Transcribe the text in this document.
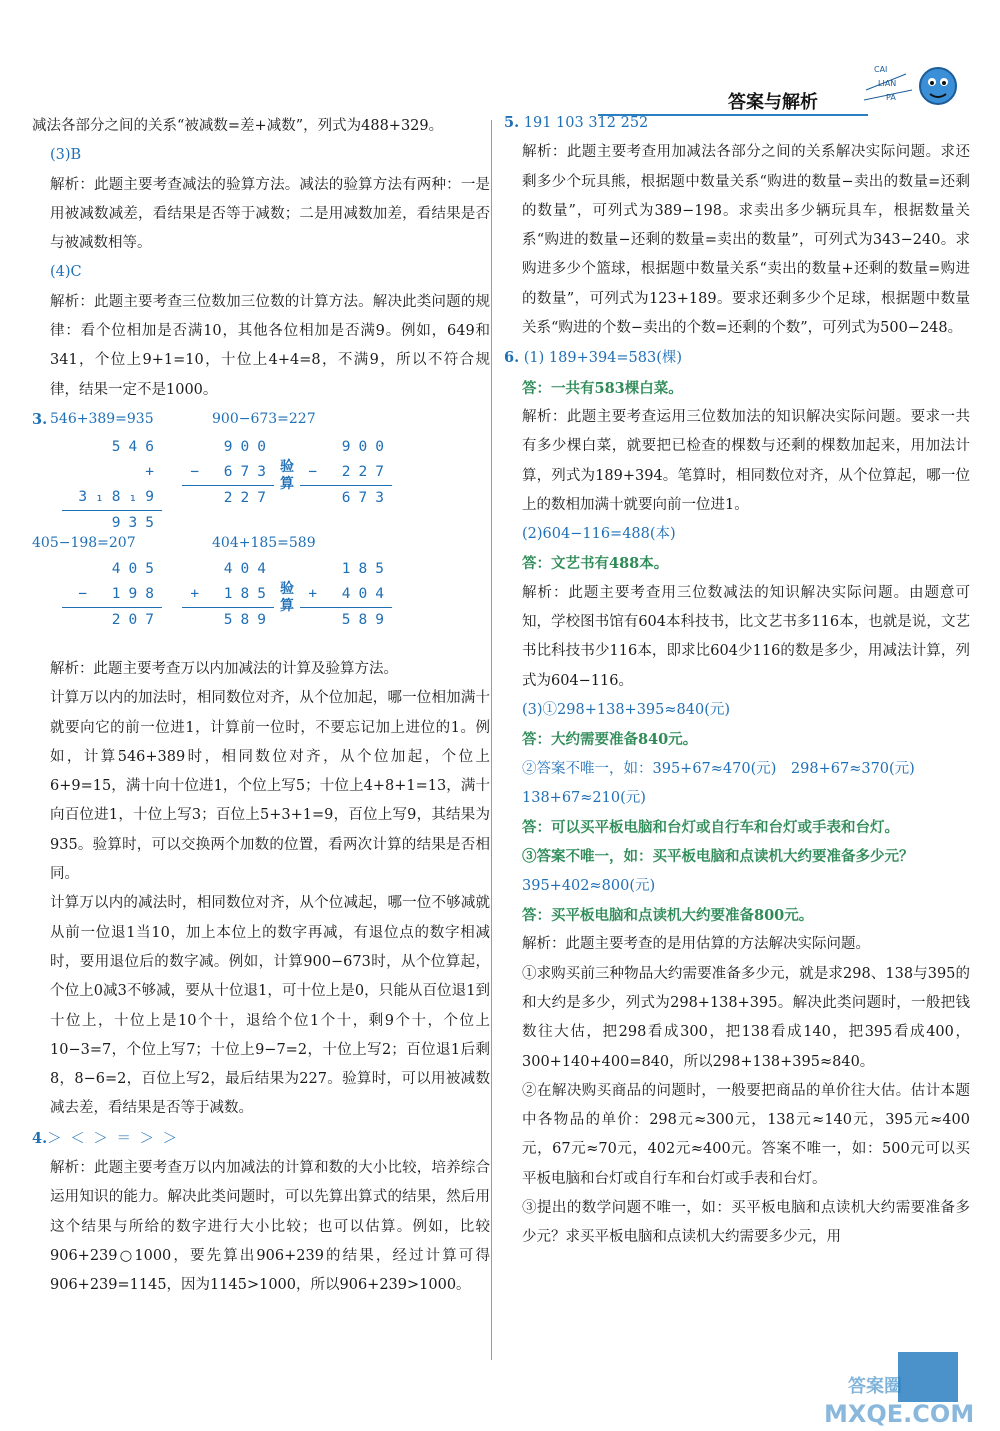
答案与解析
CAI
LIAN
PA

减法各部分之间的关系“被减数=差+减数”，列式为488+329。

(3)B

解析：此题主要考查减法的验算方法。减法的验算方法有两种：一是用被减数减差，看结果是否等于减数；二是用减数加差，看结果是否与被减数相等。

(4)C

解析：此题主要考查三位数加三位数的计算方法。解决此类问题的规律：看个位相加是否满10，其他各位相加是否满9。例如，649和341，个位上9+1=10，十位上4+4=8，不满9，所以不符合规律，结果一定不是1000。

3. 546+389=935	900−673=227
546
+ 3₁8₁9
935
900
− 673
227
验算
900
− 227
673
405−198=207	404+185=589
405
− 198
207
404
+ 185
589
验算
185
+ 404
589

解析：此题主要考查万以内加减法的计算及验算方法。

计算万以内的加法时，相同数位对齐，从个位加起，哪一位相加满十就要向它的前一位进1，计算前一位时，不要忘记加上进位的1。例如，计算546+389时，相同数位对齐，从个位加起，个位上6+9=15，满十向十位进1，个位上写5；十位上4+8+1=13，满十向百位进1，十位上写3；百位上5+3+1=9，百位上写9，其结果为935。验算时，可以交换两个加数的位置，看两次计算的结果是否相同。

计算万以内的减法时，相同数位对齐，从个位减起，哪一位不够减就从前一位退1当10，加上本位上的数字再减，有退位点的数字相减时，要用退位后的数字减。例如，计算900−673时，从个位算起，个位上0减3不够减，要从十位退1，可十位上是0，只能从百位退1到十位上，十位上是10个十，退给个位1个十，剩9个十，个位上10−3=7，个位上写7；十位上9−7=2，十位上写2；百位退1后剩8，8−6=2，百位上写2，最后结果为227。验算时，可以用被减数减去差，看结果是否等于减数。

4.＞ ＜ ＞ ＝ ＞ ＞

解析：此题主要考查万以内加减法的计算和数的大小比较，培养综合运用知识的能力。解决此类问题时，可以先算出算式的结果，然后用这个结果与所给的数字进行大小比较；也可以估算。例如，比较906+239○1000，要先算出906+239的结果，经过计算可得906+239=1145，因为1145>1000，所以906+239>1000。

5. 191 103 312 252

解析：此题主要考查用加减法各部分之间的关系解决实际问题。求还剩多少个玩具熊，根据题中数量关系“购进的数量−卖出的数量=还剩的数量”，可列式为389−198。求卖出多少辆玩具车，根据数量关系“购进的数量−还剩的数量=卖出的数量”，可列式为343−240。求购进多少个篮球，根据题中数量关系“卖出的数量+还剩的数量=购进的数量”，可列式为123+189。要求还剩多少个足球，根据题中数量关系“购进的个数−卖出的个数=还剩的个数”，可列式为500−248。

6. (1) 189+394=583(棵)

答：一共有583棵白菜。

解析：此题主要考查运用三位数加法的知识解决实际问题。要求一共有多少棵白菜，就要把已检查的棵数与还剩的棵数加起来，用加法计算，列式为189+394。笔算时，相同数位对齐，从个位算起，哪一位上的数相加满十就要向前一位进1。

(2)604−116=488(本)

答：文艺书有488本。

解析：此题主要考查用三位数减法的知识解决实际问题。由题意可知，学校图书馆有604本科技书，比文艺书多116本，也就是说，文艺书比科技书少116本，即求比604少116的数是多少，用减法计算，列式为604−116。

(3)①298+138+395≈840(元)

答：大约需要准备840元。

②答案不唯一，如：395+67≈470(元)　298+67≈370(元)

138+67≈210(元)

答：可以买平板电脑和台灯或自行车和台灯或手表和台灯。

③答案不唯一，如：买平板电脑和点读机大约要准备多少元？

395+402≈800(元)

答：买平板电脑和点读机大约要准备800元。

解析：此题主要考查的是用估算的方法解决实际问题。

①求购买前三种物品大约需要准备多少元，就是求298、138与395的和大约是多少，列式为298+138+395。解决此类问题时，一般把钱数往大估，把298看成300，把138看成140，把395看成400，300+140+400=840，所以298+138+395≈840。

②在解决购买商品的问题时，一般要把商品的单价往大估。估计本题中各物品的单价：298元≈300元，138元≈140元，395元≈400元，67元≈70元，402元≈400元。答案不唯一，如：500元可以买平板电脑和台灯或自行车和台灯或手表和台灯。

③提出的数学问题不唯一，如：买平板电脑和点读机大约需要准备多少元？求买平板电脑和点读机大约需要多少元，用

答案圈
MXQE.COM
